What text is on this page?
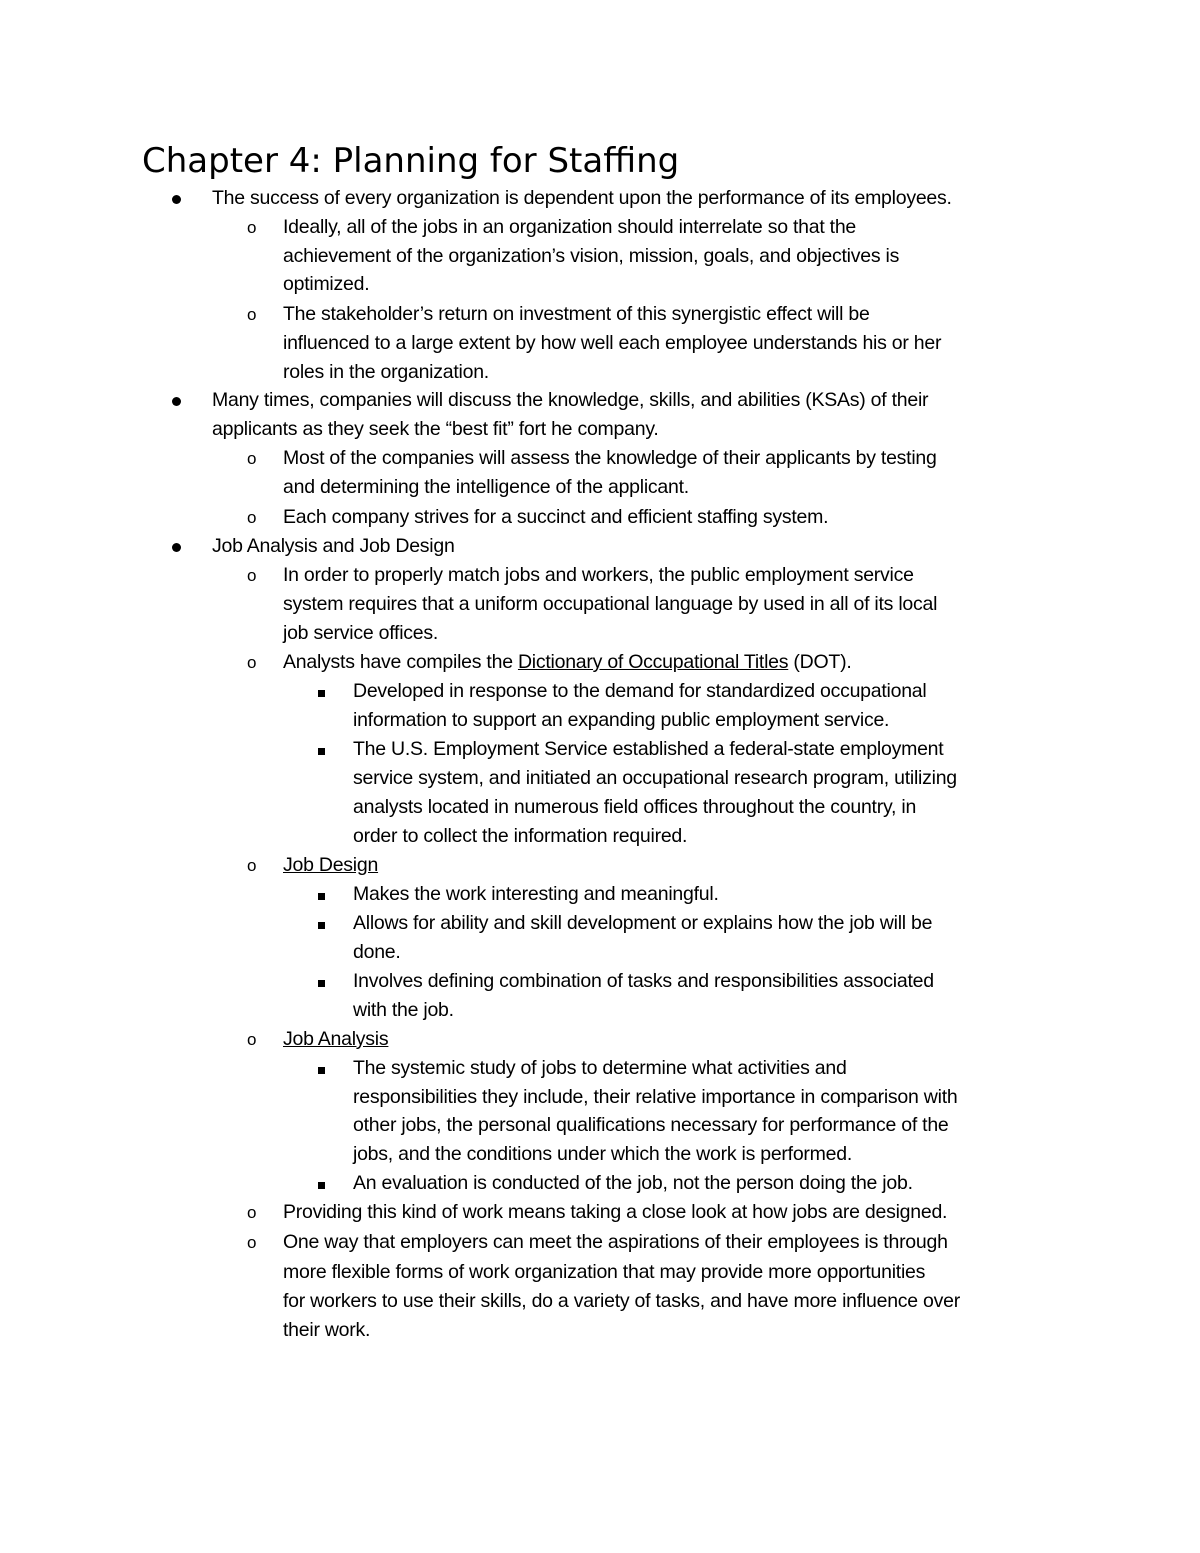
Chapter 4: Planning for Staffing
The success of every organization is dependent upon the performance of its employees.
o Ideally, all of the jobs in an organization should interrelate so that the
achievement of the organization’s vision, mission, goals, and objectives is
optimized.
o The stakeholder’s return on investment of this synergistic effect will be
influenced to a large extent by how well each employee understands his or her
roles in the organization.
Many times, companies will discuss the knowledge, skills, and abilities (KSAs) of their
applicants as they seek the “best fit” fort he company.
o Most of the companies will assess the knowledge of their applicants by testing
and determining the intelligence of the applicant.
o Each company strives for a succinct and efficient staffing system.
Job Analysis and Job Design
o In order to properly match jobs and workers, the public employment service
system requires that a uniform occupational language by used in all of its local
job service offices.
o Analysts have compiles the Dictionary of Occupational Titles (DOT).
Developed in response to the demand for standardized occupational
information to support an expanding public employment service.
The U.S. Employment Service established a federal-state employment
service system, and initiated an occupational research program, utilizing
analysts located in numerous field offices throughout the country, in
order to collect the information required.
o Job Design
Makes the work interesting and meaningful.
Allows for ability and skill development or explains how the job will be
done.
Involves defining combination of tasks and responsibilities associated
with the job.
o Job Analysis
The systemic study of jobs to determine what activities and
responsibilities they include, their relative importance in comparison with
other jobs, the personal qualifications necessary for performance of the
jobs, and the conditions under which the work is performed.
An evaluation is conducted of the job, not the person doing the job.
o Providing this kind of work means taking a close look at how jobs are designed.
o One way that employers can meet the aspirations of their employees is through
more flexible forms of work organization that may provide more opportunities
for workers to use their skills, do a variety of tasks, and have more influence over
their work.
